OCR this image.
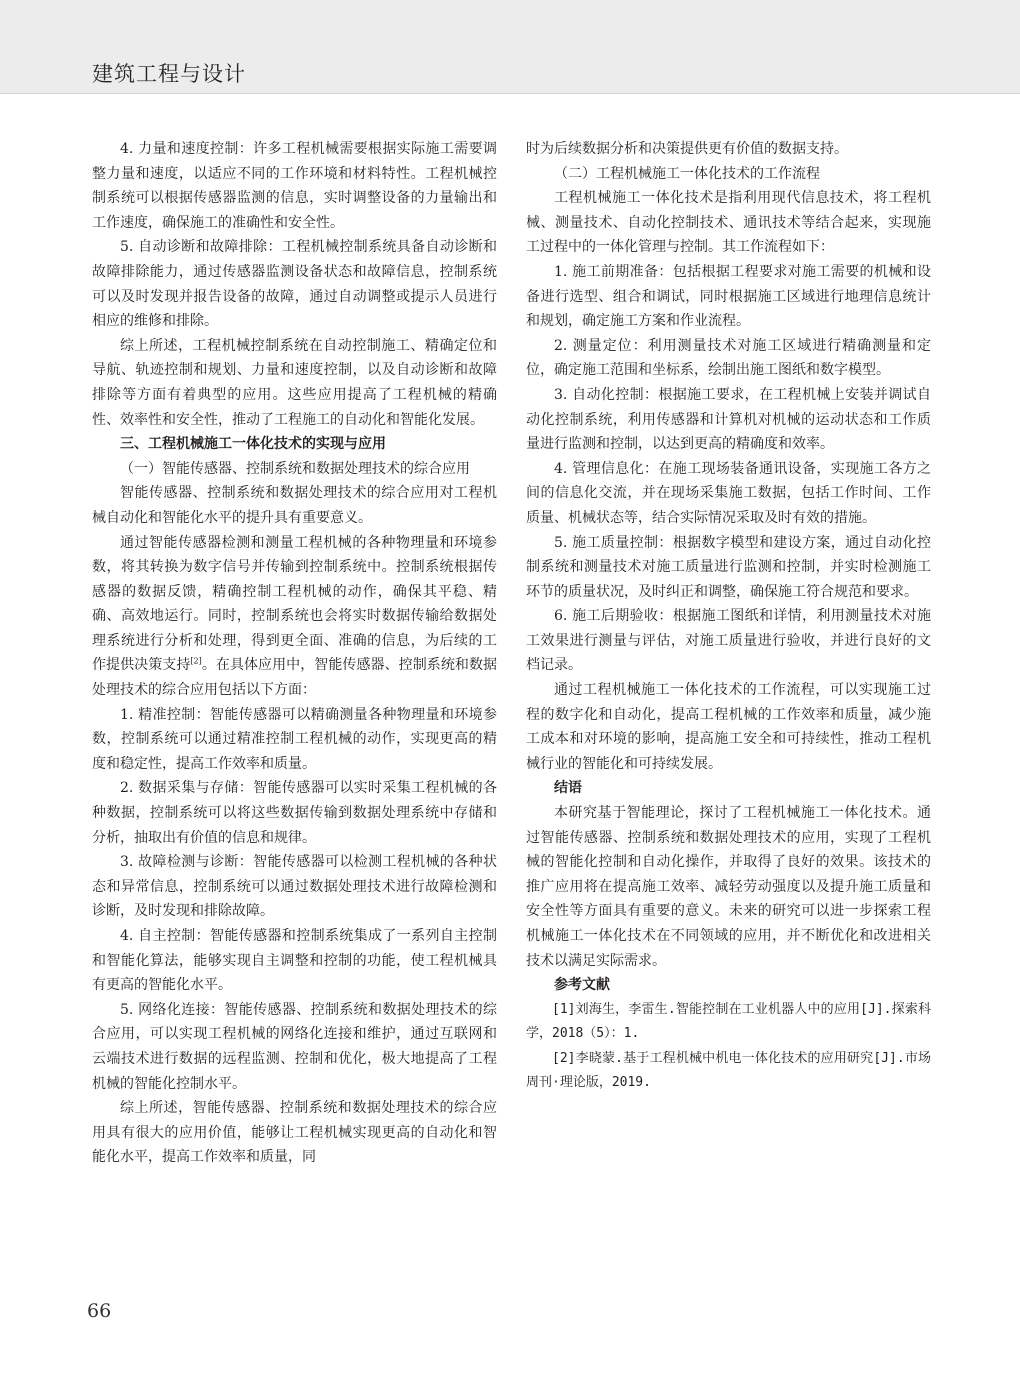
建筑工程与设计

4. 力量和速度控制：许多工程机械需要根据实际施工需要调整力量和速度，以适应不同的工作环境和材料特性。工程机械控制系统可以根据传感器监测的信息，实时调整设备的力量输出和工作速度，确保施工的准确性和安全性。

5. 自动诊断和故障排除：工程机械控制系统具备自动诊断和故障排除能力，通过传感器监测设备状态和故障信息，控制系统可以及时发现并报告设备的故障，通过自动调整或提示人员进行相应的维修和排除。

综上所述，工程机械控制系统在自动控制施工、精确定位和导航、轨迹控制和规划、力量和速度控制，以及自动诊断和故障排除等方面有着典型的应用。这些应用提高了工程机械的精确性、效率性和安全性，推动了工程施工的自动化和智能化发展。

三、工程机械施工一体化技术的实现与应用

（一）智能传感器、控制系统和数据处理技术的综合应用

智能传感器、控制系统和数据处理技术的综合应用对工程机械自动化和智能化水平的提升具有重要意义。

通过智能传感器检测和测量工程机械的各种物理量和环境参数，将其转换为数字信号并传输到控制系统中。控制系统根据传感器的数据反馈，精确控制工程机械的动作，确保其平稳、精确、高效地运行。同时，控制系统也会将实时数据传输给数据处理系统进行分析和处理，得到更全面、准确的信息，为后续的工作提供决策支持[2]。在具体应用中，智能传感器、控制系统和数据处理技术的综合应用包括以下方面：

1. 精准控制：智能传感器可以精确测量各种物理量和环境参数，控制系统可以通过精准控制工程机械的动作，实现更高的精度和稳定性，提高工作效率和质量。

2. 数据采集与存储：智能传感器可以实时采集工程机械的各种数据，控制系统可以将这些数据传输到数据处理系统中存储和分析，抽取出有价值的信息和规律。

3. 故障检测与诊断：智能传感器可以检测工程机械的各种状态和异常信息，控制系统可以通过数据处理技术进行故障检测和诊断，及时发现和排除故障。

4. 自主控制：智能传感器和控制系统集成了一系列自主控制和智能化算法，能够实现自主调整和控制的功能，使工程机械具有更高的智能化水平。

5. 网络化连接：智能传感器、控制系统和数据处理技术的综合应用，可以实现工程机械的网络化连接和维护，通过互联网和云端技术进行数据的远程监测、控制和优化，极大地提高了工程机械的智能化控制水平。

综上所述，智能传感器、控制系统和数据处理技术的综合应用具有很大的应用价值，能够让工程机械实现更高的自动化和智能化水平，提高工作效率和质量，同

时为后续数据分析和决策提供更有价值的数据支持。

（二）工程机械施工一体化技术的工作流程

工程机械施工一体化技术是指利用现代信息技术，将工程机械、测量技术、自动化控制技术、通讯技术等结合起来，实现施工过程中的一体化管理与控制。其工作流程如下：

1. 施工前期准备：包括根据工程要求对施工需要的机械和设备进行选型、组合和调试，同时根据施工区域进行地理信息统计和规划，确定施工方案和作业流程。

2. 测量定位：利用测量技术对施工区域进行精确测量和定位，确定施工范围和坐标系，绘制出施工图纸和数字模型。

3. 自动化控制：根据施工要求，在工程机械上安装并调试自动化控制系统，利用传感器和计算机对机械的运动状态和工作质量进行监测和控制，以达到更高的精确度和效率。

4. 管理信息化：在施工现场装备通讯设备，实现施工各方之间的信息化交流，并在现场采集施工数据，包括工作时间、工作质量、机械状态等，结合实际情况采取及时有效的措施。

5. 施工质量控制：根据数字模型和建设方案，通过自动化控制系统和测量技术对施工质量进行监测和控制，并实时检测施工环节的质量状况，及时纠正和调整，确保施工符合规范和要求。

6. 施工后期验收：根据施工图纸和详情，利用测量技术对施工效果进行测量与评估，对施工质量进行验收，并进行良好的文档记录。

通过工程机械施工一体化技术的工作流程，可以实现施工过程的数字化和自动化，提高工程机械的工作效率和质量，减少施工成本和对环境的影响，提高施工安全和可持续性，推动工程机械行业的智能化和可持续发展。

结语

本研究基于智能理论，探讨了工程机械施工一体化技术。通过智能传感器、控制系统和数据处理技术的应用，实现了工程机械的智能化控制和自动化操作，并取得了良好的效果。该技术的推广应用将在提高施工效率、减轻劳动强度以及提升施工质量和安全性等方面具有重要的意义。未来的研究可以进一步探索工程机械施工一体化技术在不同领域的应用，并不断优化和改进相关技术以满足实际需求。

参考文献

[1]刘海生，李雷生.智能控制在工业机器人中的应用[J].探索科学，2018（5）：1.

[2]李晓蒙.基于工程机械中机电一体化技术的应用研究[J].市场周刊·理论版，2019.

66
